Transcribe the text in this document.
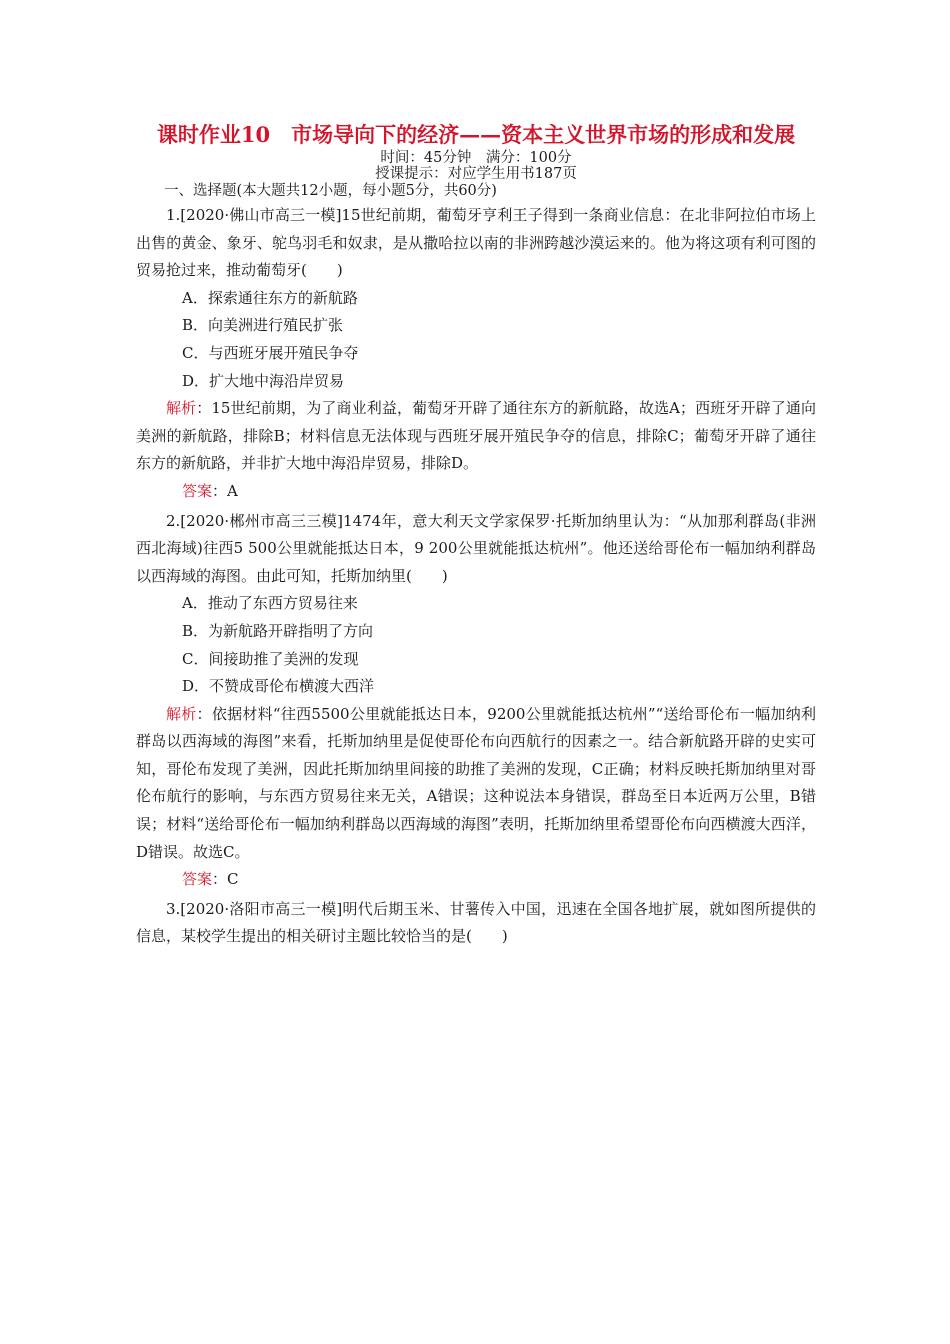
课时作业10　市场导向下的经济——资本主义世界市场的形成和发展
时间：45分钟　满分：100分
授课提示：对应学生用书187页
一、选择题(本大题共12小题，每小题5分，共60分)

1.[2020·佛山市高三一模]15世纪前期，葡萄牙亨利王子得到一条商业信息：在北非阿拉伯市场上出售的黄金、象牙、鸵鸟羽毛和奴隶，是从撒哈拉以南的非洲跨越沙漠运来的。他为将这项有利可图的贸易抢过来，推动葡萄牙(　　)

A．探索通往东方的新航路
B．向美洲进行殖民扩张
C．与西班牙展开殖民争夺
D．扩大地中海沿岸贸易

解析：15世纪前期，为了商业利益，葡萄牙开辟了通往东方的新航路，故选A；西班牙开辟了通向美洲的新航路，排除B；材料信息无法体现与西班牙展开殖民争夺的信息，排除C；葡萄牙开辟了通往东方的新航路，并非扩大地中海沿岸贸易，排除D。

答案：A

2.[2020·郴州市高三三模]1474年，意大利天文学家保罗·托斯加纳里认为：“从加那利群岛(非洲西北海域)往西5 500公里就能抵达日本，9 200公里就能抵达杭州”。他还送给哥伦布一幅加纳利群岛以西海域的海图。由此可知，托斯加纳里(　　)

A．推动了东西方贸易往来
B．为新航路开辟指明了方向
C．间接助推了美洲的发现
D．不赞成哥伦布横渡大西洋

解析：依据材料“往西5500公里就能抵达日本，9200公里就能抵达杭州”“送给哥伦布一幅加纳利群岛以西海域的海图”来看，托斯加纳里是促使哥伦布向西航行的因素之一。结合新航路开辟的史实可知，哥伦布发现了美洲，因此托斯加纳里间接的助推了美洲的发现，C正确；材料反映托斯加纳里对哥伦布航行的影响，与东西方贸易往来无关，A错误；这种说法本身错误，群岛至日本近两万公里，B错误；材料“送给哥伦布一幅加纳利群岛以西海域的海图”表明，托斯加纳里希望哥伦布向西横渡大西洋，D错误。故选C。

答案：C

3.[2020·洛阳市高三一模]明代后期玉米、甘薯传入中国，迅速在全国各地扩展，就如图所提供的信息，某校学生提出的相关研讨主题比较恰当的是(　　)
